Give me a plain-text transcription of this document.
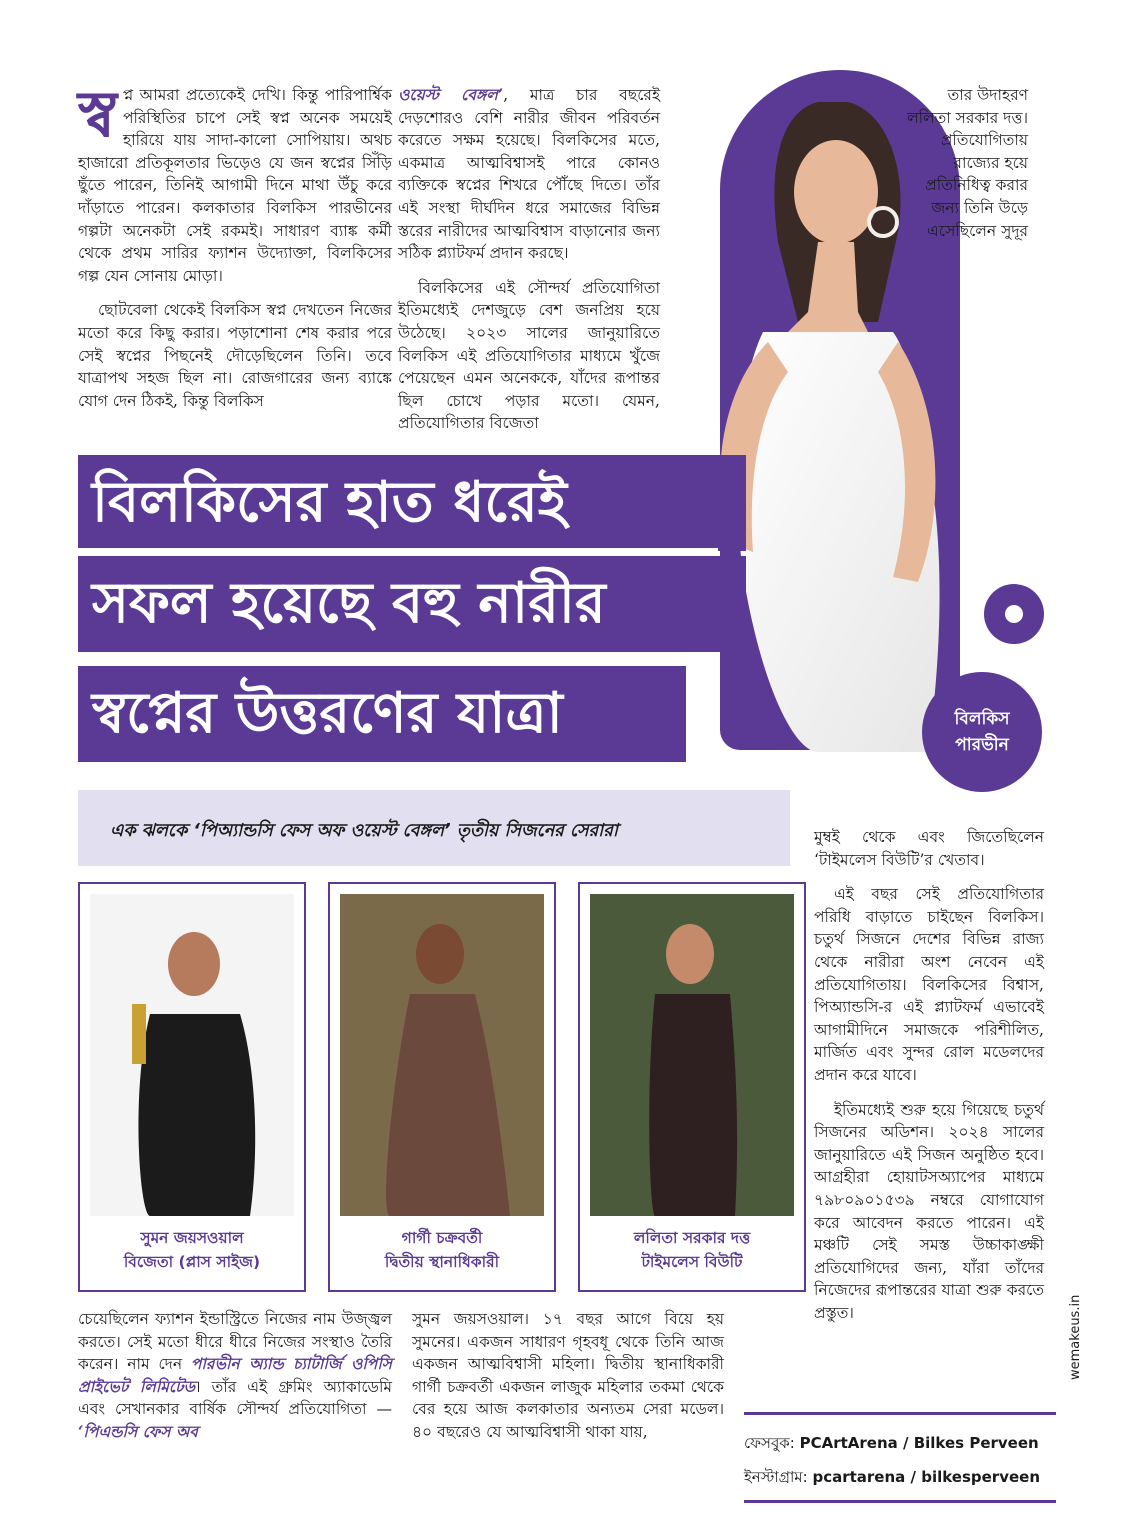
স্ব প্ন আমরা প্রত্যেকেই দেখি। কিন্তু পারিপার্শ্বিক পরিস্থিতির চাপে সেই স্বপ্ন অনেক সময়েই হারিয়ে যায় সাদা-কালো সোপিয়ায়। অথচ হাজারো প্রতিকূলতার ভিড়েও যে জন স্বপ্নের সিঁড়ি ছুঁতে পারেন, তিনিই আগামী দিনে মাথা উঁচু করে দাঁড়াতে পারেন। কলকাতার বিলকিস পারভীনের গল্পটা অনেকটা সেই রকমই। সাধারণ ব্যাঙ্ক কর্মী থেকে প্রথম সারির ফ্যাশন উদ্যোক্তা, বিলকিসের গল্প যেন সোনায় মোড়া।

ছোটবেলা থেকেই বিলকিস স্বপ্ন দেখতেন নিজের মতো করে কিছু করার। পড়াশোনা শেষ করার পরে সেই স্বপ্নের পিছনেই দৌড়েছিলেন তিনি। তবে যাত্রাপথ সহজ ছিল না। রোজগারের জন্য ব্যাঙ্কে যোগ দেন ঠিকই, কিন্তু বিলকিস

ওয়েস্ট বেঙ্গল’, মাত্র চার বছরেই দেড়শোরও বেশি নারীর জীবন পরিবর্তন করেতে সক্ষম হয়েছে। বিলকিসের মতে, একমাত্র আত্মবিশ্বাসই পারে কোনও ব্যক্তিকে স্বপ্নের শিখরে পৌঁছে দিতে। তাঁর এই সংস্থা দীর্ঘদিন ধরে সমাজের বিভিন্ন স্তরের নারীদের আত্মবিশ্বাস বাড়ানোর জন্য সঠিক প্ল্যাটফর্ম প্রদান করছে।

বিলকিসের এই সৌন্দর্য প্রতিযোগিতা ইতিমধ্যেই দেশজুড়ে বেশ জনপ্রিয় হয়ে উঠেছে। ২০২৩ সালের জানুয়ারিতে বিলকিস এই প্রতিযোগিতার মাধ্যমে খুঁজে পেয়েছেন এমন অনেককে, যাঁদের রূপান্তর ছিল চোখে পড়ার মতো। যেমন, প্রতিযোগিতার বিজেতা

তার উদাহরণ ললিতা সরকার দত্ত। প্রতিযোগিতায় রাজ্যের হয়ে প্রতিনিধিত্ব করার জন্য তিনি উড়ে এসেছিলেন সুদূর

বিলকিসের হাত ধরেই
সফল হয়েছে বহু নারীর
স্বপ্নের উত্তরণের যাত্রা	বিলকিস
পারভীন
এক ঝলকে ‘পিঅ্যান্ডসি ফেস অফ ওয়েস্ট বেঙ্গল’ তৃতীয় সিজনের সেরারা
সুমন জয়সওয়াল
বিজেতা (প্লাস সাইজ)
গার্গী চক্রবর্তী
দ্বিতীয় স্থানাধিকারী
ললিতা সরকার দত্ত
টাইমলেস বিউটি

মুম্বই থেকে এবং জিতেছিলেন ‘টাইমলেস বিউটি’র খেতাব।

এই বছর সেই প্রতিযোগিতার পরিধি বাড়াতে চাইছেন বিলকিস। চতুর্থ সিজনে দেশের বিভিন্ন রাজ্য থেকে নারীরা অংশ নেবেন এই প্রতিযোগিতায়। বিলকিসের বিশ্বাস, পিঅ্যান্ডসি-র এই প্ল্যাটফর্ম এভাবেই আগামীদিনে সমাজকে পরিশীলিত, মার্জিত এবং সুন্দর রোল মডেলদের প্রদান করে যাবে।

ইতিমধ্যেই শুরু হয়ে গিয়েছে চতুর্থ সিজনের অডিশন। ২০২৪ সালের জানুয়ারিতে এই সিজন অনুষ্ঠিত হবে। আগ্রহীরা হোয়াটসঅ্যাপের মাধ্যমে ৭৯৮০৯০১৫৩৯ নম্বরে যোগাযোগ করে আবেদন করতে পারেন। এই মঞ্চটি সেই সমস্ত উচ্চাকাঙ্ক্ষী প্রতিযোগিদের জন্য, যাঁরা তাঁদের নিজেদের রূপান্তরের যাত্রা শুরু করতে প্রস্তুত।

চেয়েছিলেন ফ্যাশন ইন্ডাস্ট্রিতে নিজের নাম উজ্জ্বল করতে। সেই মতো ধীরে ধীরে নিজের সংস্থাও তৈরি করেন। নাম দেন পারভীন অ্যান্ড চ্যাটার্জি ওপিসি প্রাইভেট লিমিটেড। তাঁর এই গ্রুমিং অ্যাকাডেমি এবং সেখানকার বার্ষিক সৌন্দর্য প্রতিযোগিতা — ‘পিএন্ডসি ফেস অব

সুমন জয়সওয়াল। ১৭ বছর আগে বিয়ে হয় সুমনের। একজন সাধারণ গৃহবধূ থেকে তিনি আজ একজন আত্মবিশ্বাসী মহিলা। দ্বিতীয় স্থানাধিকারী গার্গী চক্রবর্তী একজন লাজুক মহিলার তকমা থেকে বের হয়ে আজ কলকাতার অন্যতম সেরা মডেল। ৪০ বছরেও যে আত্মবিশ্বাসী থাকা যায়,

ফেসবুক: PCArtArena / Bilkes Perveen
ইনস্টাগ্রাম: pcartarena / bilkesperveen
wemakeus.in
